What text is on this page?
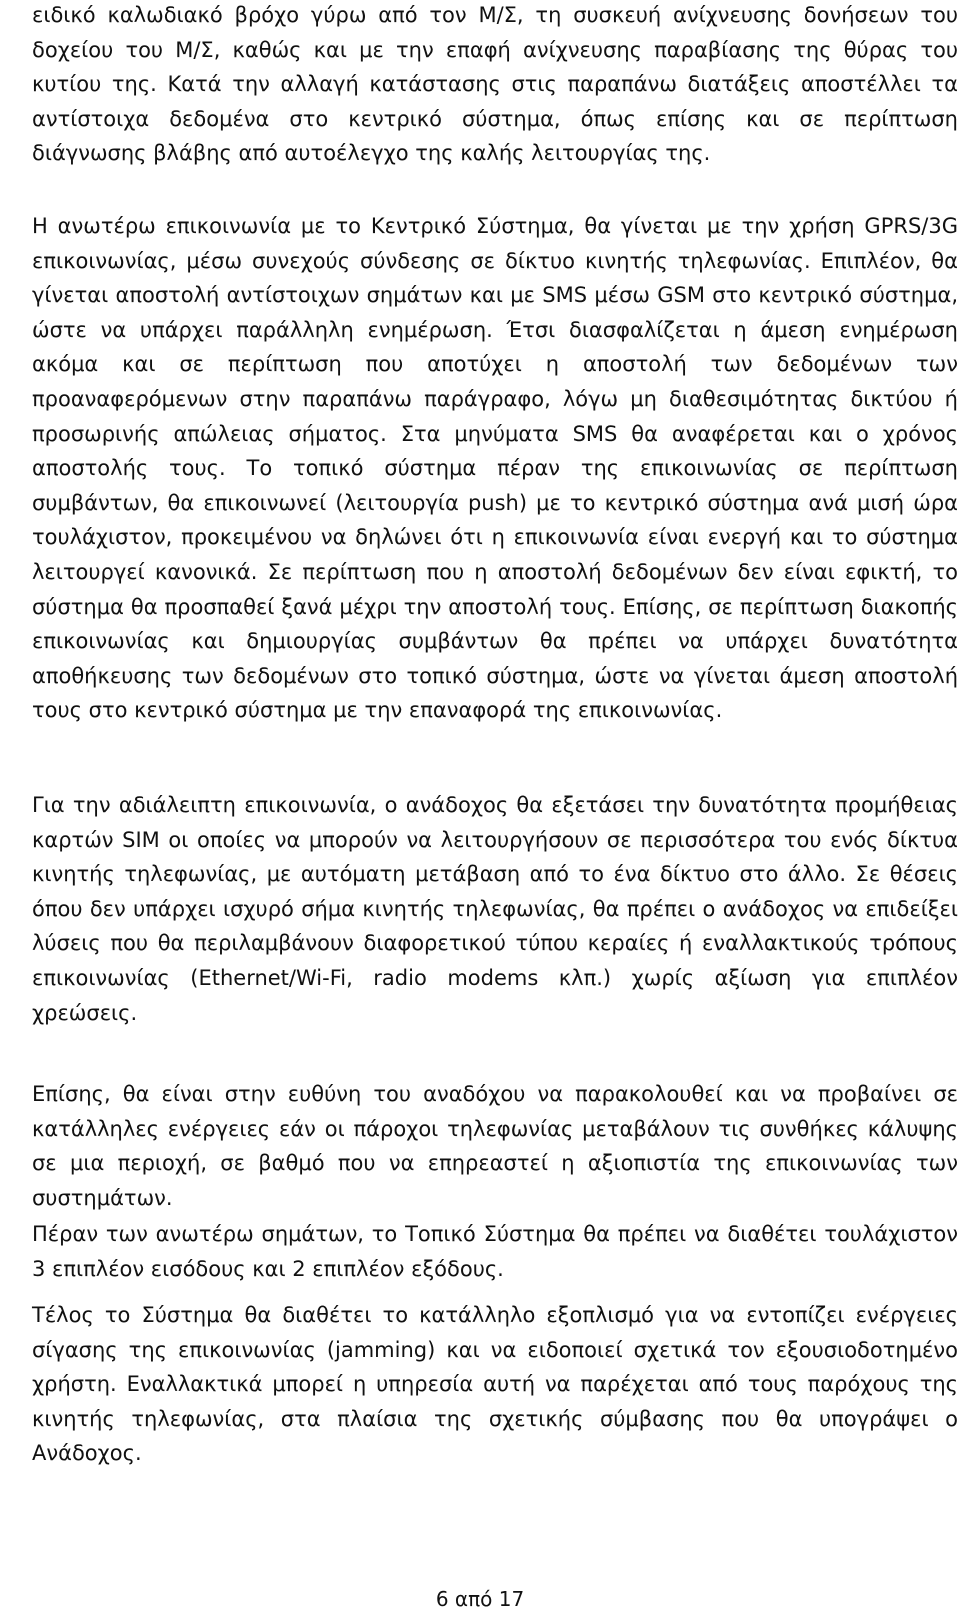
ειδικό καλωδιακό βρόχο γύρω από τον Μ/Σ, τη συσκευή ανίχνευσης δονήσεων του δοχείου του Μ/Σ, καθώς και με την επαφή ανίχνευσης παραβίασης της θύρας του κυτίου της. Κατά την αλλαγή κατάστασης στις παραπάνω διατάξεις αποστέλλει τα αντίστοιχα δεδομένα στο κεντρικό σύστημα, όπως επίσης και σε περίπτωση διάγνωσης βλάβης από αυτοέλεγχο της καλής λειτουργίας της.

Η ανωτέρω επικοινωνία με το Κεντρικό Σύστημα, θα γίνεται με την χρήση GPRS/3G επικοινωνίας, μέσω συνεχούς σύνδεσης σε δίκτυο κινητής τηλεφωνίας. Επιπλέον, θα γίνεται αποστολή αντίστοιχων σημάτων και με SMS μέσω GSM στο κεντρικό σύστημα, ώστε να υπάρχει παράλληλη ενημέρωση. Έτσι διασφαλίζεται η άμεση ενημέρωση ακόμα και σε περίπτωση που αποτύχει η αποστολή των δεδομένων των προαναφερόμενων στην παραπάνω παράγραφο, λόγω μη διαθεσιμότητας δικτύου ή προσωρινής απώλειας σήματος. Στα μηνύματα SMS θα αναφέρεται και ο χρόνος αποστολής τους. Το τοπικό σύστημα πέραν της επικοινωνίας σε περίπτωση συμβάντων, θα επικοινωνεί (λειτουργία push) με το κεντρικό σύστημα ανά μισή ώρα τουλάχιστον, προκειμένου να δηλώνει ότι η επικοινωνία είναι ενεργή και το σύστημα λειτουργεί κανονικά. Σε περίπτωση που η αποστολή δεδομένων δεν είναι εφικτή, το σύστημα θα προσπαθεί ξανά μέχρι την αποστολή τους. Επίσης, σε περίπτωση διακοπής επικοινωνίας και δημιουργίας συμβάντων θα πρέπει να υπάρχει δυνατότητα αποθήκευσης των δεδομένων στο τοπικό σύστημα, ώστε να γίνεται άμεση αποστολή τους στο κεντρικό σύστημα με την επαναφορά της επικοινωνίας.

Για την αδιάλειπτη επικοινωνία, ο ανάδοχος θα εξετάσει την δυνατότητα προμήθειας καρτών SIM οι οποίες να μπορούν να λειτουργήσουν σε περισσότερα του ενός δίκτυα κινητής τηλεφωνίας, με αυτόματη μετάβαση από το ένα δίκτυο στο άλλο. Σε θέσεις όπου δεν υπάρχει ισχυρό σήμα κινητής τηλεφωνίας, θα πρέπει ο ανάδοχος να επιδείξει λύσεις που θα περιλαμβάνουν διαφορετικού τύπου κεραίες ή εναλλακτικούς τρόπους επικοινωνίας (Ethernet/Wi-Fi, radio modems κλπ.) χωρίς αξίωση για επιπλέον χρεώσεις.

Επίσης, θα είναι στην ευθύνη του αναδόχου να παρακολουθεί και να προβαίνει σε κατάλληλες ενέργειες εάν οι πάροχοι τηλεφωνίας μεταβάλουν τις συνθήκες κάλυψης σε μια περιοχή, σε βαθμό που να επηρεαστεί η αξιοπιστία της επικοινωνίας των συστημάτων.

Πέραν των ανωτέρω σημάτων, το Τοπικό Σύστημα θα πρέπει να διαθέτει τουλάχιστον 3 επιπλέον εισόδους και 2 επιπλέον εξόδους.

Τέλος το Σύστημα θα διαθέτει το κατάλληλο εξοπλισμό για να εντοπίζει ενέργειες σίγασης της επικοινωνίας (jamming) και να ειδοποιεί σχετικά τον εξουσιοδοτημένο χρήστη. Εναλλακτικά μπορεί η υπηρεσία αυτή να παρέχεται από τους παρόχους της κινητής τηλεφωνίας, στα πλαίσια της σχετικής σύμβασης που θα υπογράψει ο Ανάδοχος.

6 από 17
